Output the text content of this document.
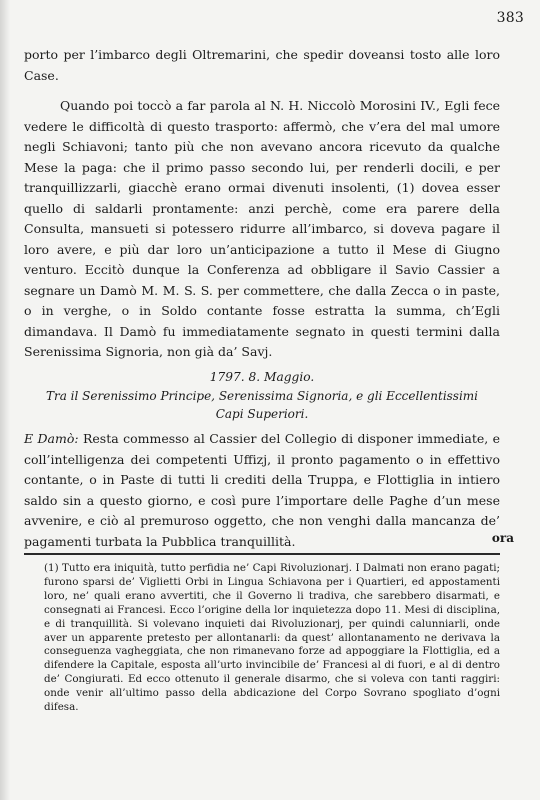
383

porto per l’imbarco degli Oltremarini, che spedir doveansi tosto alle loro Case.

Quando poi toccò a far parola al N. H. Niccolò Morosini IV., Egli fece vedere le difficoltà di questo trasporto: affermò, che v’era del mal umore negli Schiavoni; tanto più che non avevano ancora ricevuto da qualche Mese la paga: che il primo passo secondo lui, per renderli docili, e per tranquillizzarli, giacchè erano ormai divenuti insolenti, (1) dovea esser quello di saldarli prontamente: anzi perchè, come era parere della Consulta, mansueti si potessero ridurre all’imbarco, si doveva pagare il loro avere, e più dar loro un’anticipazione a tutto il Mese di Giugno venturo. Eccitò dunque la Conferenza ad obbligare il Savio Cassier a segnare un Damò M. M. S. S. per commettere, che dalla Zecca o in paste, o in verghe, o in Soldo contante fosse estratta la summa, ch’Egli dimandava. Il Damò fu immediatamente segnato in questi termini dalla Serenissima Signoria, non già da’ Savj.

1797. 8. Maggio.

Tra il Serenissimo Principe, Serenissima Signoria, e gli Eccellentissimi

Capi Superiori.

E Damò: Resta commesso al Cassier del Collegio di disponer immediate, e coll’intelligenza dei competenti Uffizj, il pronto pagamento o in effettivo contante, o in Paste di tutti li crediti della Truppa, e Flottiglia in intiero saldo sin a questo giorno, e così pure l’importare delle Paghe d’un mese avvenire, e ciò al premuroso oggetto, che non venghi dalla mancanza de’ pagamenti turbata la Pubblica tranquillità.	ora

(1) Tutto era iniquità, tutto perfidia ne’ Capi Rivoluzionarj. I Dalmati non erano pagati; furono sparsi de’ Viglietti Orbi in Lingua Schiavona per i Quartieri, ed appostamenti loro, ne’ quali erano avvertiti, che il Governo li tradiva, che sarebbero disarmati, e consegnati ai Francesi. Ecco l’origine della lor inquietezza dopo 11. Mesi di disciplina, e di tranquillità. Si volevano inquieti dai Rivoluzionarj, per quindi calunniarli, onde aver un apparente pretesto per allontanarli: da quest’ allontanamento ne derivava la conseguenza vagheggiata, che non rimanevano forze ad appoggiare la Flottiglia, ed a difendere la Capitale, esposta all’urto invincibile de’ Francesi al di fuori, e al di dentro de’ Congiurati. Ed ecco ottenuto il generale disarmo, che si voleva con tanti raggiri: onde venir all’ultimo passo della abdicazione del Corpo Sovrano spogliato d’ogni difesa.
